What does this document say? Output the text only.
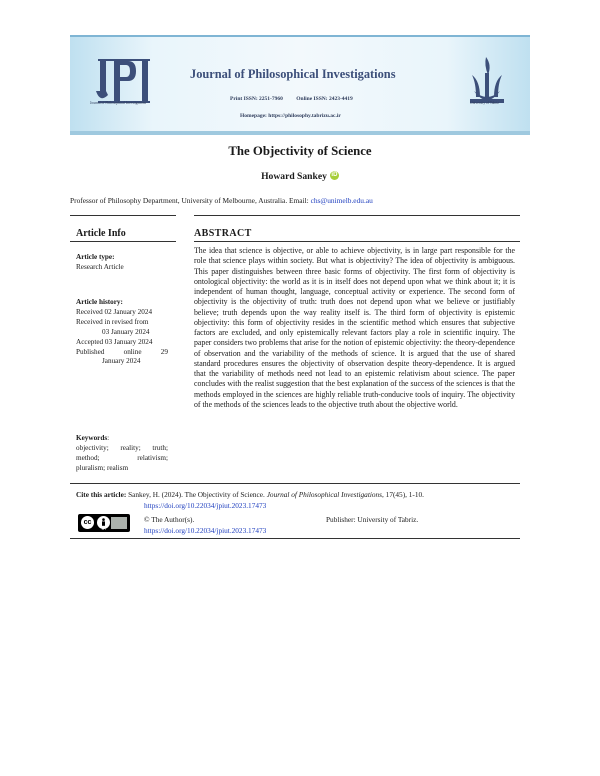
Journal of Philosophical Investigations
Journal of Philosophical Investigations
Print ISSN: 2251-7960 Online ISSN: 2423-4419
Homepage: https://philosophy.tabrizu.ac.ir
University of Tabriz
The Objectivity of Science
Howard Sankey iD
Professor of Philosophy Department, University of Melbourne, Australia. Email: chs@unimelb.edu.au
Article Info	ABSTRACT
Article type:
Research Article
Article history:
Received 02 January 2024
Received in revised from
03 January 2024
Accepted 03 January 2024
Published	online	29
January 2024
Keywords:
objectivity; reality; truth;
method;	relativism;
pluralism; realism
The idea that science is objective, or able to achieve objectivity, is in large part responsible for the role that science plays within society. But what is objectivity? The idea of objectivity is ambiguous. This paper distinguishes between three basic forms of objectivity. The first form of objectivity is ontological objectivity: the world as it is in itself does not depend upon what we think about it; it is independent of human thought, language, conceptual activity or experience. The second form of objectivity is the objectivity of truth: truth does not depend upon what we believe or justifiably believe; truth depends upon the way reality itself is. The third form of objectivity is epistemic objectivity: this form of objectivity resides in the scientific method which ensures that subjective factors are excluded, and only epistemically relevant factors play a role in scientific inquiry. The paper considers two problems that arise for the notion of epistemic objectivity: the theory-dependence of observation and the variability of the methods of science. It is argued that the use of shared standard procedures ensures the objectivity of observation despite theory-dependence. It is argued that the variability of methods need not lead to an epistemic relativism about science. The paper concludes with the realist suggestion that the best explanation of the success of the sciences is that the methods employed in the sciences are highly reliable truth-conducive tools of inquiry. The objectivity of the methods of the sciences leads to the objective truth about the objective world.
Cite this article: Sankey, H. (2024). The Objectivity of Science. Journal of Philosophical Investigations, 17(45), 1-10.
https://doi.org/10.22034/jpiut.2023.17473
cc
BY
© The Author(s).
https://doi.org/10.22034/jpiut.2023.17473
Publisher: University of Tabriz.
